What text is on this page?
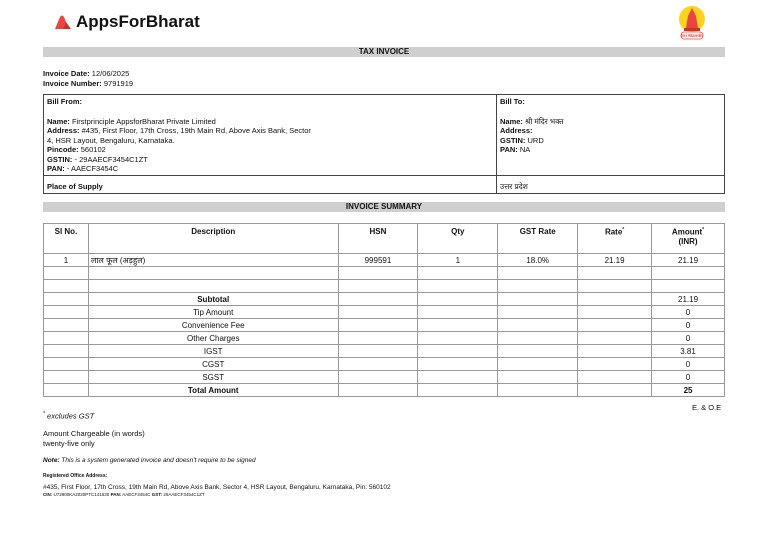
AppsForBharat
Sri Mandir
TAX INVOICE
Invoice Date: 12/06/2025
Invoice Number: 9791919
Bill From:
Name: Firstprinciple AppsforBharat Private Limited
Address: #435, First Floor, 17th Cross, 19th Main Rd, Above Axis Bank, Sector
4, HSR Layout, Bengaluru, Karnataka.
Pincode: 560102
GSTIN: - 29AAECF3454C1ZT
PAN: - AAECF3454C
Bill To:
Name: श्री मंदिर भक्त
Address:
GSTIN: URD
PAN: NA
Place of Supply	उत्तर प्रदेश
INVOICE SUMMARY
Sl No.	Description	HSN	Qty	GST Rate	Rate*	Amount*
(INR)
1	लाल फूल (अड़हुल)	999591	1	18.0%	21.19	21.19

	Subtotal					21.19
	Tip Amount					0
	Convenience Fee					0
	Other Charges					0
	IGST					3.81
	CGST					0
	SGST					0
	Total Amount					25
E. & O.E
* excludes GST
Amount Chargeable (in words)
twenty-five only
Note: This is a system generated invoice and doesn't require to be signed
Registered Office Address:
#435, First Floor, 17th Cross, 19th Main Rd, Above Axis Bank, Sector 4, HSR Layout, Bengaluru, Karnataka, Pin: 560102
CIN: U72900KA2020PTC141630 PAN: AAECF3454C GST: 29AAECF3454C1ZT
